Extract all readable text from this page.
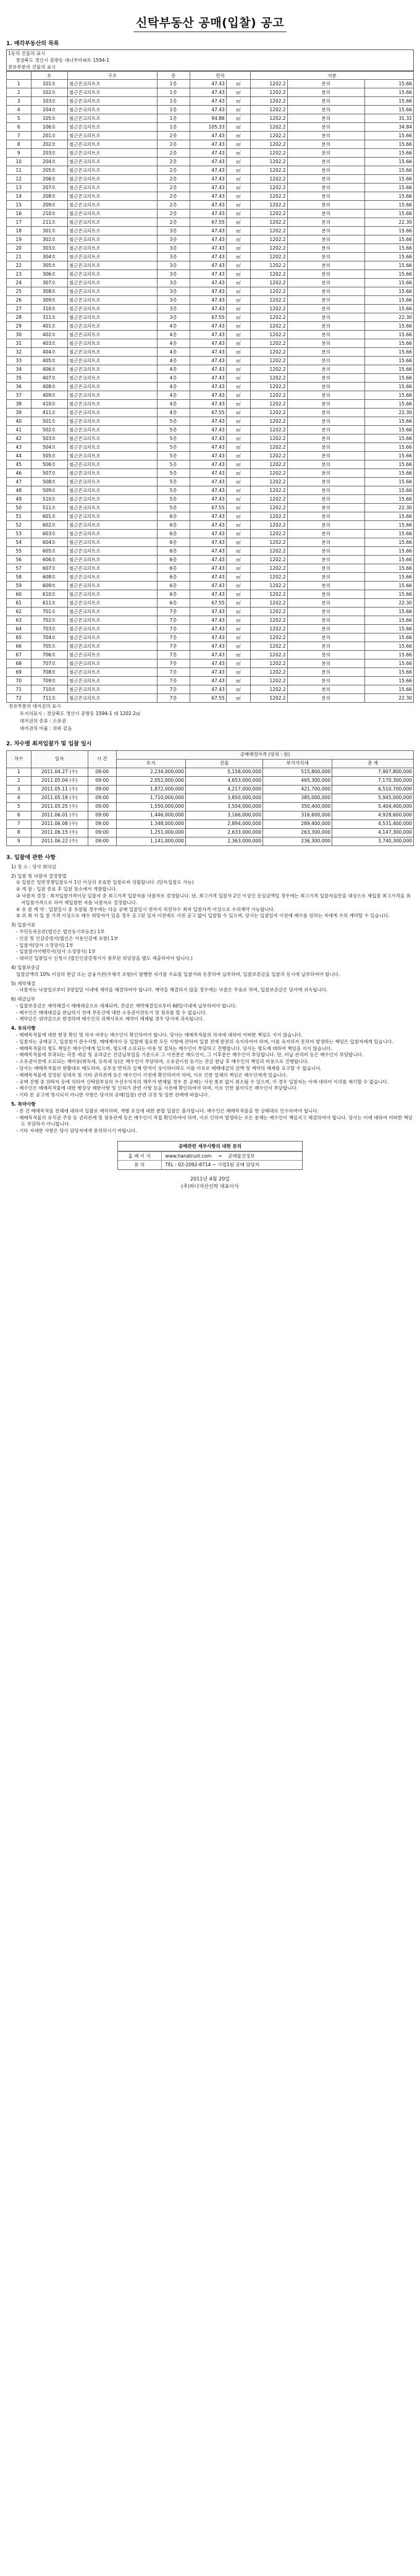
신탁부동산 공매(입찰) 공고
1. 매각부동산의 목록
1동의 건물의 표시
경상북도 경산시 중방동 대나무아파트 1594-1
전유부분의 건물의 표시
	호	구조	층	면적		지분		
1	101호	철근콘크리트조	1층	47.43	㎡	1202.2	분의	15.66
2	102호	철근콘크리트조	1층	47.43	㎡	1202.2	분의	15.66
3	103호	철근콘크리트조	1층	47.43	㎡	1202.2	분의	15.66
4	104호	철근콘크리트조	1층	47.43	㎡	1202.2	분의	15.66
5	105호	철근콘크리트조	1층	94.86	㎡	1202.2	분의	31.32
6	106호	철근콘크리트조	1층	105.33	㎡	1202.2	분의	34.84
7	201호	철근콘크리트조	2층	47.43	㎡	1202.2	분의	15.66
8	202호	철근콘크리트조	2층	47.43	㎡	1202.2	분의	15.66
9	203호	철근콘크리트조	2층	47.43	㎡	1202.2	분의	15.66
10	204호	철근콘크리트조	2층	47.43	㎡	1202.2	분의	15.66
11	205호	철근콘크리트조	2층	47.43	㎡	1202.2	분의	15.66
12	206호	철근콘크리트조	2층	47.43	㎡	1202.2	분의	15.66
13	207호	철근콘크리트조	2층	47.43	㎡	1202.2	분의	15.66
14	208호	철근콘크리트조	2층	47.43	㎡	1202.2	분의	15.66
15	209호	철근콘크리트조	2층	47.43	㎡	1202.2	분의	15.66
16	210호	철근콘크리트조	2층	47.43	㎡	1202.2	분의	15.66
17	211호	철근콘크리트조	2층	67.55	㎡	1202.2	분의	22.30
18	301호	철근콘크리트조	3층	47.43	㎡	1202.2	분의	15.66
19	302호	철근콘크리트조	3층	47.43	㎡	1202.2	분의	15.66
20	303호	철근콘크리트조	3층	47.43	㎡	1202.2	분의	15.66
21	304호	철근콘크리트조	3층	47.43	㎡	1202.2	분의	15.66
22	305호	철근콘크리트조	3층	47.43	㎡	1202.2	분의	15.66
23	306호	철근콘크리트조	3층	47.43	㎡	1202.2	분의	15.66
24	307호	철근콘크리트조	3층	47.43	㎡	1202.2	분의	15.66
25	308호	철근콘크리트조	3층	47.43	㎡	1202.2	분의	15.66
26	309호	철근콘크리트조	3층	47.43	㎡	1202.2	분의	15.66
27	310호	철근콘크리트조	3층	47.43	㎡	1202.2	분의	15.66
28	311호	철근콘크리트조	3층	67.55	㎡	1202.2	분의	22.30
29	401호	철근콘크리트조	4층	47.43	㎡	1202.2	분의	15.66
30	402호	철근콘크리트조	4층	47.43	㎡	1202.2	분의	15.66
31	403호	철근콘크리트조	4층	47.43	㎡	1202.2	분의	15.66
32	404호	철근콘크리트조	4층	47.43	㎡	1202.2	분의	15.66
33	405호	철근콘크리트조	4층	47.43	㎡	1202.2	분의	15.66
34	406호	철근콘크리트조	4층	47.43	㎡	1202.2	분의	15.66
35	407호	철근콘크리트조	4층	47.43	㎡	1202.2	분의	15.66
36	408호	철근콘크리트조	4층	47.43	㎡	1202.2	분의	15.66
37	409호	철근콘크리트조	4층	47.43	㎡	1202.2	분의	15.66
38	410호	철근콘크리트조	4층	47.43	㎡	1202.2	분의	15.66
39	411호	철근콘크리트조	4층	67.55	㎡	1202.2	분의	22.30
40	501호	철근콘크리트조	5층	47.43	㎡	1202.2	분의	15.66
41	502호	철근콘크리트조	5층	47.43	㎡	1202.2	분의	15.66
42	503호	철근콘크리트조	5층	47.43	㎡	1202.2	분의	15.66
43	504호	철근콘크리트조	5층	47.43	㎡	1202.2	분의	15.66
44	505호	철근콘크리트조	5층	47.43	㎡	1202.2	분의	15.66
45	506호	철근콘크리트조	5층	47.43	㎡	1202.2	분의	15.66
46	507호	철근콘크리트조	5층	47.43	㎡	1202.2	분의	15.66
47	508호	철근콘크리트조	5층	47.43	㎡	1202.2	분의	15.66
48	509호	철근콘크리트조	5층	47.43	㎡	1202.2	분의	15.66
49	510호	철근콘크리트조	5층	47.43	㎡	1202.2	분의	15.66
50	511호	철근콘크리트조	5층	67.55	㎡	1202.2	분의	22.30
51	601호	철근콘크리트조	6층	47.43	㎡	1202.2	분의	15.66
52	602호	철근콘크리트조	6층	47.43	㎡	1202.2	분의	15.66
53	603호	철근콘크리트조	6층	47.43	㎡	1202.2	분의	15.66
54	604호	철근콘크리트조	6층	47.43	㎡	1202.2	분의	15.66
55	605호	철근콘크리트조	6층	47.43	㎡	1202.2	분의	15.66
56	606호	철근콘크리트조	6층	47.43	㎡	1202.2	분의	15.66
57	607호	철근콘크리트조	6층	47.43	㎡	1202.2	분의	15.66
58	608호	철근콘크리트조	6층	47.43	㎡	1202.2	분의	15.66
59	609호	철근콘크리트조	6층	47.43	㎡	1202.2	분의	15.66
60	610호	철근콘크리트조	6층	47.43	㎡	1202.2	분의	15.66
61	611호	철근콘크리트조	6층	67.55	㎡	1202.2	분의	22.30
62	701호	철근콘크리트조	7층	47.43	㎡	1202.2	분의	15.66
63	702호	철근콘크리트조	7층	47.43	㎡	1202.2	분의	15.66
64	703호	철근콘크리트조	7층	47.43	㎡	1202.2	분의	15.66
65	704호	철근콘크리트조	7층	47.43	㎡	1202.2	분의	15.66
66	705호	철근콘크리트조	7층	47.43	㎡	1202.2	분의	15.66
67	706호	철근콘크리트조	7층	47.43	㎡	1202.2	분의	15.66
68	707호	철근콘크리트조	7층	47.43	㎡	1202.2	분의	15.66
69	708호	철근콘크리트조	7층	47.43	㎡	1202.2	분의	15.66
70	709호	철근콘크리트조	7층	47.43	㎡	1202.2	분의	15.66
71	710호	철근콘크리트조	7층	47.43	㎡	1202.2	분의	15.66
72	711호	철근콘크리트조	7층	67.55	㎡	1202.2	분의	22.30
전유부분의 대지권의 표시
토지의표시 : 경상북도 경산시 중방동 1594-1 대 1202.2㎡
대지권의 종류 : 소유권
대지권의 비율 : 위와 같음
2. 차수별 최저입찰가 및 입찰 일시
차수	일자	시 간	공매예정가격 (당위 : 원)			
			토지	건물	부가가치세	총 계
1	2011.04.27 (수)	09:00	2,234,000,000	5,158,000,000	515,800,000	7,907,800,000
2	2011.05.04 (수)	09:00	2,052,000,000	4,653,000,000	465,300,000	7,170,300,000
3	2011.05.11 (수)	09:00	1,872,000,000	4,217,000,000	421,700,000	6,510,700,000
4	2011.05.18 (수)	09:00	1,710,000,000	3,850,000,000	385,000,000	5,945,000,000
5	2011.05.25 (수)	09:00	1,550,000,000	3,504,000,000	350,400,000	5,404,400,000
6	2011.06.01 (수)	09:00	1,446,000,000	3,166,000,000	316,600,000	4,928,600,000
7	2011.06.08 (수)	09:00	1,348,000,000	2,894,000,000	289,400,000	4,531,400,000
8	2011.06.15 (수)	09:00	1,251,000,000	2,633,000,000	263,300,000	4,147,300,000
9	2011.06.22 (수)	09:00	1,141,000,000	2,363,000,000	236,300,000	3,740,300,000
3. 입찰에 관한 사항
1) 장 소 : 당사 회의실
2) 입찰 및 낙찰자 결정방법
① 입찰은 일반경쟁입찰로서 1인 이상의 유효한 입찰로써 성립합니다. (단독입찰도 가능)
② 개 찰 : 입찰 종료 후 입찰 장소에서 개찰합니다.
③ 낙찰자 결정 : 최저입찰가격이상 입찰자 중 최고가격 입찰자를 낙찰자로 결정합니다. 단, 최고가격 입찰자 2인 이상인 동일금액일 경우에는 최고가격 입찰자들만을 대상으로 재입찰 최고가격을 최저입찰가격으로 하여 재입찰한 자를 낙찰자로 결정합니다.
④ 유 찰 계 약 : 입찰일시 중 유찰될 경우에는 다음 공매 입찰일시 전까지 직전차수 최저 입찰가격 이상으로 수의계약 가능합니다.
⑤ 위 최 저 입 찰 가격 이상으로 매수 희망자가 있을 경우 공고된 일자 이전에도 사전 공고 없이 입찰할 수 있으며, 당사는 입찰일자 이전에 매수를 원하는 자에게 수의 계약할 수 있습니다.
3) 입찰서류
- 주민등록등본(법인은 법인등기부등본) 1부
- 인감 및 인감증명서(법인은 사용인감계 포함) 1부
- 입찰서(당사 소정양식) 1부
- 입찰참가이행각서(당사 소정양식) 1부
- 대리인 입찰일시 신청시 (법인인감증명서가 첨부된 위임장을 별도 제출하여야 합니다.)
4) 입찰보증금
입찰금액의 10% 이상의 현금 또는 금융기관(우체국 포함)이 발행한 자기앞 수표를 입찰서와 동봉하여 납부하며, 입찰보증금을 입찰과 동시에 납부하여야 합니다.
5) 계약체결
- 낙찰자는 낙찰일로부터 3영업일 이내에 계약을 체결하여야 합니다. 계약을 체결하지 않을 경우에는 낙찰은 무효로 하며, 입찰보증금은 당사에 귀속됩니다.
6) 대금납부
- 입찰보증금은 계약체결시 매매대금으로 대체되며, 잔금은 계약체결일로부터 60일이내에 납부하여야 합니다.
- 매수인은 매매대금을 완납하기 전에 부동산에 대한 소유권이전등기 및 점유를 할 수 없습니다.
- 계약금은 위약금으로 한정하며 매수인의 귀책사유로 계약이 해제될 경우 당사에 귀속됩니다.
4. 유의사항
- 매매목적물에 대한 현장 확인 및 하자 여부는 매수인이 확인하여야 합니다. 당사는 매매목적물의 하자에 대하여 어떠한 책임도 지지 않습니다.
- 입찰자는 공매공고, 입찰참가 준수사항, 매매계약서 등 입찰에 필요한 모든 사항에 관하여 입찰 전에 완전히 숙지하여야 하며, 이를 숙지하지 못하여 발생하는 책임은 입찰자에게 있습니다.
- 매매목적물의 명도 책임은 매수인에게 있으며, 명도에 소요되는 비용 및 절차는 매수인이 부담하고 진행합니다. 당사는 명도에 대하여 책임을 지지 않습니다.
- 매매목적물에 부과되는 각종 세금 및 공과금은 잔금납부일을 기준으로 그 이전분은 매도인이, 그 이후분은 매수인이 부담합니다. 단, 미납 관리비 등은 매수인이 부담합니다.
- 소유권이전에 소요되는 제비용(취득세, 등록세 등)은 매수인이 부담하며, 소유권이전 등기는 잔금 완납 후 매수인의 책임과 비용으로 진행합니다.
- 당사는 매매목적물의 현황대로 매도하며, 공부상 면적과 실제 면적이 상이하더라도 이를 이유로 매매대금의 감액 및 계약의 해제를 요구할 수 없습니다.
- 매매목적물에 설정된 임대차 및 기타 권리관계 등은 매수인이 사전에 확인하여야 하며, 이로 인한 일체의 책임은 매수인에게 있습니다.
- 공매 진행 중 위탁자 등에 의하여 신탁원부상의 우선수익자의 채무가 변제될 경우 본 공매는 사전 통보 없이 취소될 수 있으며, 이 경우 입찰자는 이에 대하여 이의를 제기할 수 없습니다.
- 매수인은 매매목적물에 대한 행정상 제한사항 및 인허가 관련 사항 등을 사전에 확인하여야 하며, 이로 인한 불이익은 매수인이 부담합니다.
- 기타 본 공고에 명시되지 아니한 사항은 당사의 공매(입찰) 관련 규정 및 일반 관례에 따릅니다.
5. 특약사항
- 본 건 매매목적물 전체에 대하여 일괄로 매각하며, 개별 호실에 대한 분할 입찰은 불가합니다. 매수인은 매매목적물을 현 상태대로 인수하여야 합니다.
- 매매목적물의 유치권 주장 등 권리관계 및 점유관계 등은 매수인이 직접 확인하여야 하며, 이로 인하여 발생하는 모든 문제는 매수인이 책임지고 해결하여야 합니다. 당사는 이에 대하여 어떠한 책임도 부담하지 아니합니다.
- 기타 자세한 사항은 당사 담당자에게 문의하시기 바랍니다.
공매관련 세부사항의 대한 문의
홈 페 이 지	www.hanatrust.com → 공매물건정보
문 의	TEL : 02-2092-8714 ~ 사업1팀 공매 담당자
2011년 4월 20일
(주)하나자산신탁 대표이사
